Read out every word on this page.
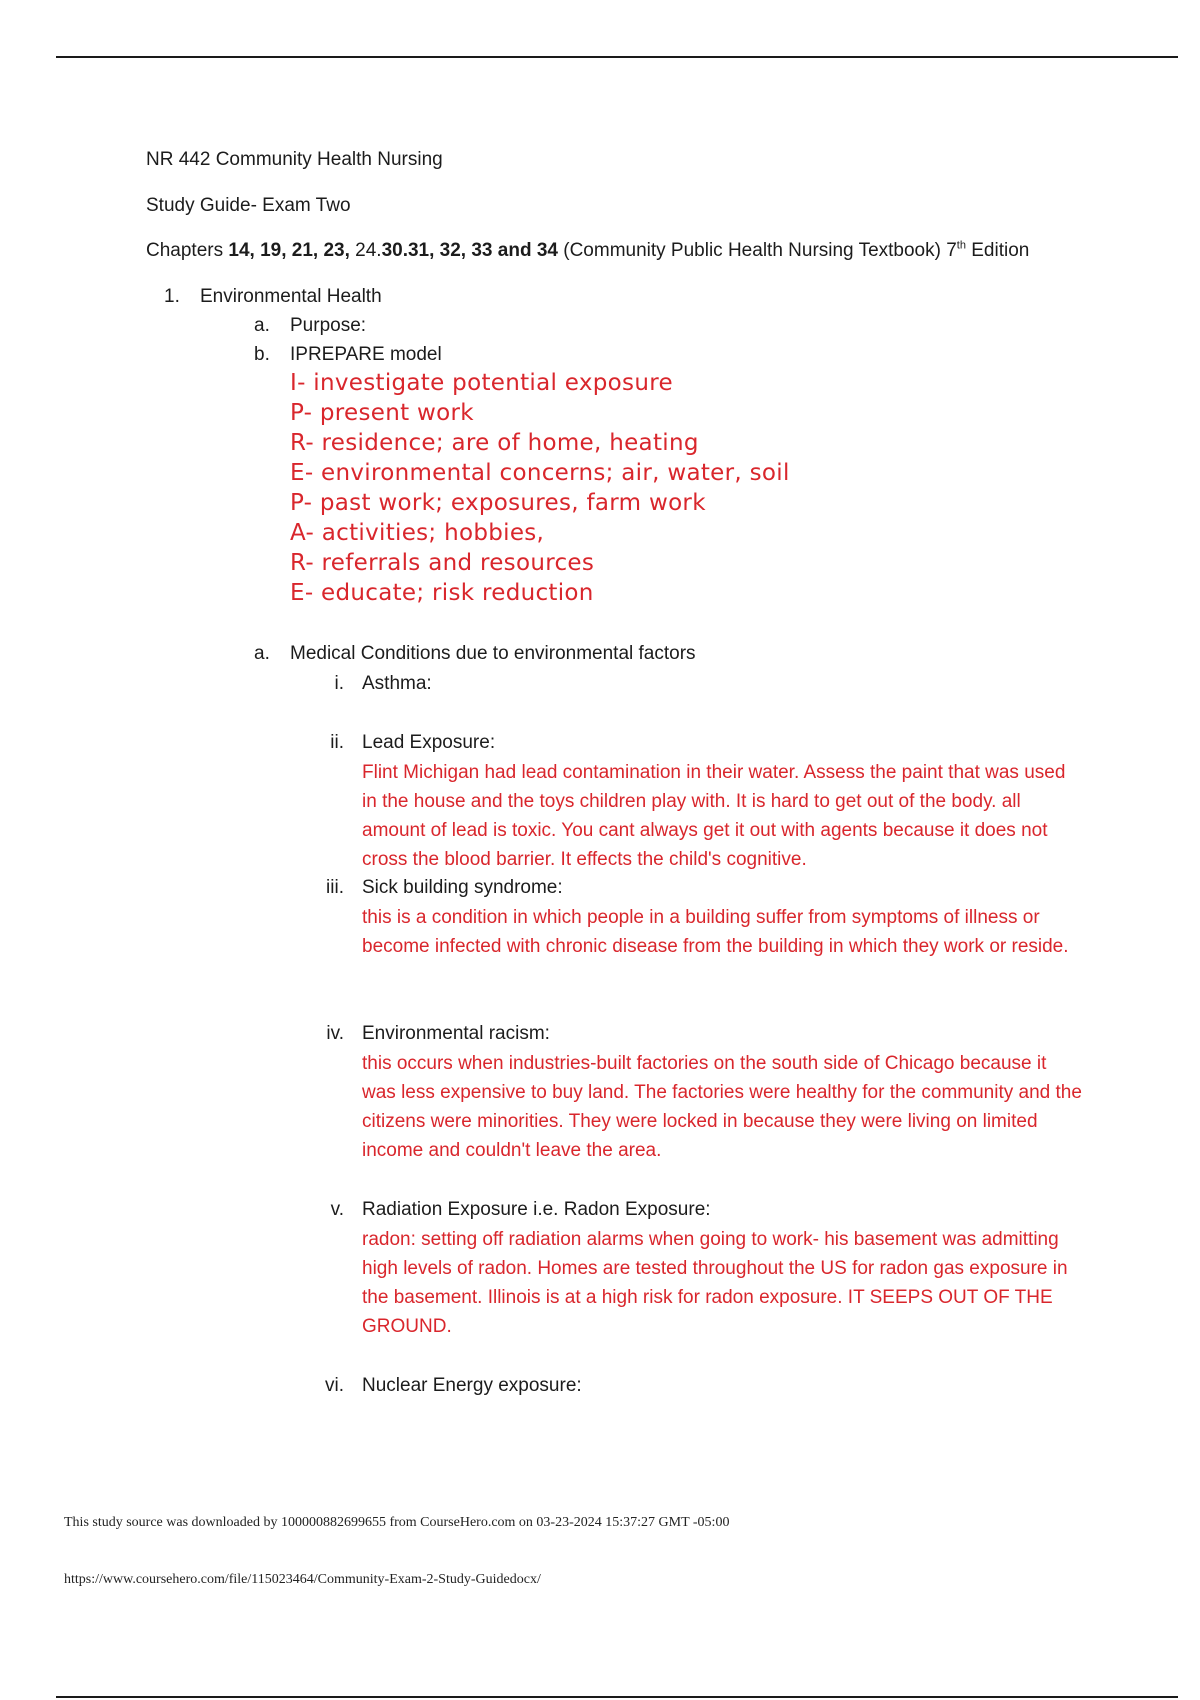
NR 442 Community Health Nursing
Study Guide- Exam Two
Chapters 14, 19, 21, 23, 24.30.31, 32, 33 and 34 (Community Public Health Nursing Textbook) 7th Edition
1. Environmental Health
a. Purpose:
b. IPREPARE model
I- investigate potential exposure
P- present work
R- residence; are of home, heating
E- environmental concerns; air, water, soil
P- past work; exposures, farm work
A- activities; hobbies,
R- referrals and resources
E- educate; risk reduction
a. Medical Conditions due to environmental factors
i. Asthma:
ii. Lead Exposure:
Flint Michigan had lead contamination in their water. Assess the paint that was used in the house and the toys children play with. It is hard to get out of the body. all amount of lead is toxic. You cant always get it out with agents because it does not cross the blood barrier. It effects the child's cognitive.
iii. Sick building syndrome:
this is a condition in which people in a building suffer from symptoms of illness or become infected with chronic disease from the building in which they work or reside.
iv. Environmental racism:
this occurs when industries-built factories on the south side of Chicago because it was less expensive to buy land. The factories were healthy for the community and the citizens were minorities. They were locked in because they were living on limited income and couldn't leave the area.
v. Radiation Exposure i.e. Radon Exposure:
radon: setting off radiation alarms when going to work- his basement was admitting high levels of radon. Homes are tested throughout the US for radon gas exposure in the basement. Illinois is at a high risk for radon exposure. IT SEEPS OUT OF THE GROUND.
vi. Nuclear Energy exposure:
This study source was downloaded by 100000882699655 from CourseHero.com on 03-23-2024 15:37:27 GMT -05:00
https://www.coursehero.com/file/115023464/Community-Exam-2-Study-Guidedocx/
